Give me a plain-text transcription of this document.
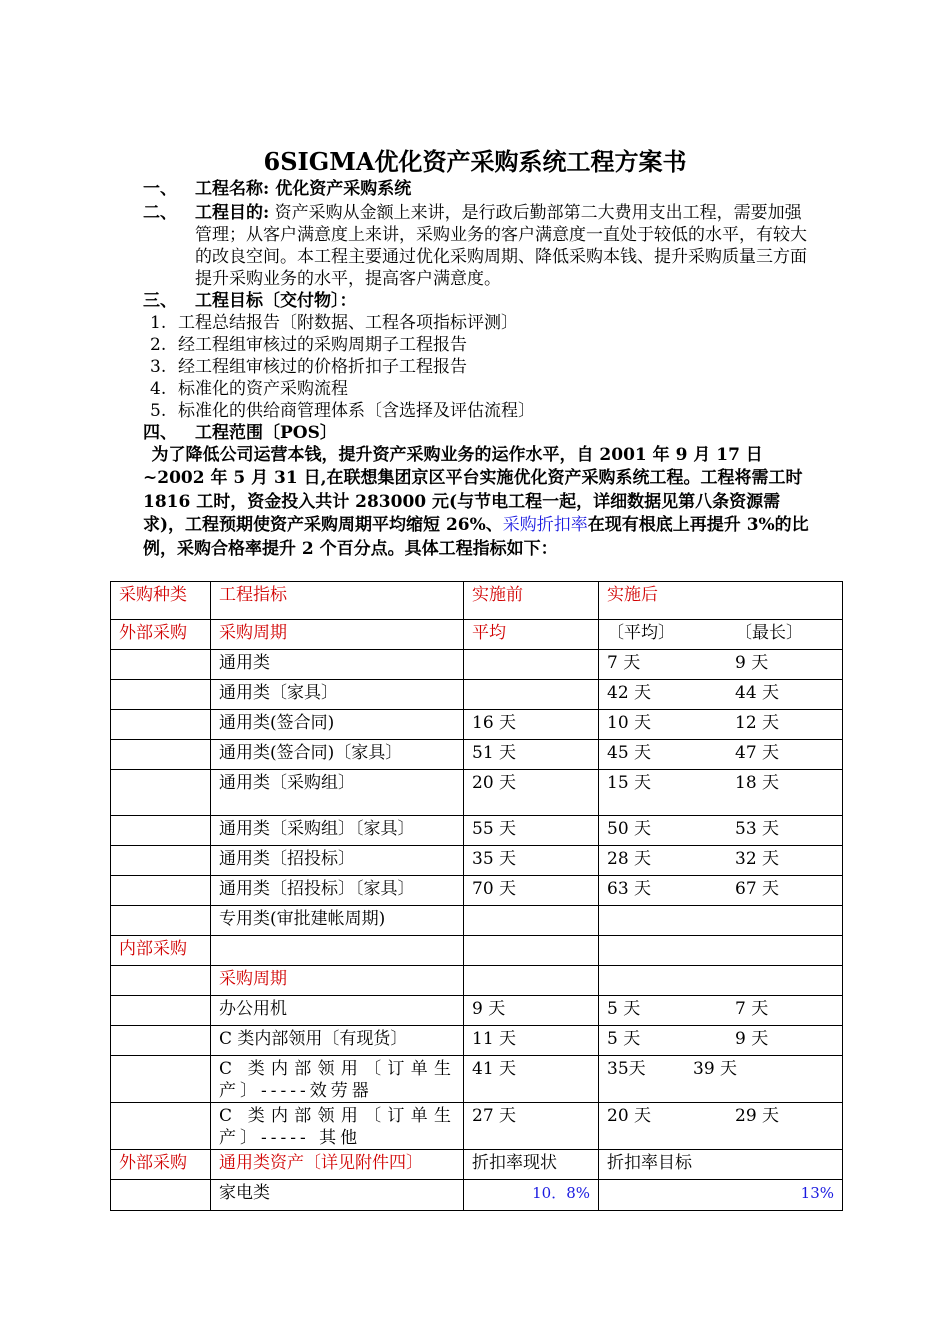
6SIGMA优化资产采购系统工程方案书
一、	工程名称: 优化资产采购系统
二、	工程目的: 资产采购从金额上来讲，是行政后勤部第二大费用支出工程，需要加强管理；从客户满意度上来讲，采购业务的客户满意度一直处于较低的水平，有较大的改良空间。本工程主要通过优化采购周期、降低采购本钱、提升采购质量三方面提升采购业务的水平，提高客户满意度。
三、	工程目标〔交付物〕：
1. 工程总结报告〔附数据、工程各项指标评测〕
2. 经工程组审核过的采购周期子工程报告
3. 经工程组审核过的价格折扣子工程报告
4. 标准化的资产采购流程
5. 标准化的供给商管理体系〔含选择及评估流程〕
四、	工程范围〔POS〕
 为了降低公司运营本钱，提升资产采购业务的运作水平，自 2001 年 9 月 17 日 ~2002 年 5 月 31 日,在联想集团京区平台实施优化资产采购系统工程。工程将需工时 1816 工时，资金投入共计 283000 元(与节电工程一起，详细数据见第八条资源需求)，工程预期使资产采购周期平均缩短 26%、采购折扣率在现有根底上再提升 3%的比例，采购合格率提升 2 个百分点。具体工程指标如下：
采购种类	工程指标	实施前	实施后
外部采购	采购周期	平均	〔平均〕 〔最长〕

	通用类		7 天 9 天

	通用类〔家具〕		42 天 44 天

	通用类(签合同)	16 天	10 天 12 天

	通用类(签合同)〔家具〕	51 天	45 天 47 天

	通用类〔采购组〕	20 天	15 天 18 天

	通用类〔采购组〕〔家具〕	55 天	50 天 53 天

	通用类〔招投标〕	35 天	28 天 32 天

	通用类〔招投标〕〔家具〕	70 天	63 天 67 天

	专用类(审批建帐周期)		

内部采购			
	采购周期		
	办公用机	9 天	5 天 7 天

	C 类内部领用〔有现货〕	11 天	5 天 9 天

	C 类内部领用〔订单生产〕-----效劳器	41 天	35天 39 天

	C 类内部领用〔订单生产〕----- 其他	27 天	20 天 29 天

外部采购	通用类资产〔详见附件四〕	折扣率现状	折扣率目标
	家电类	10．8%	13%
